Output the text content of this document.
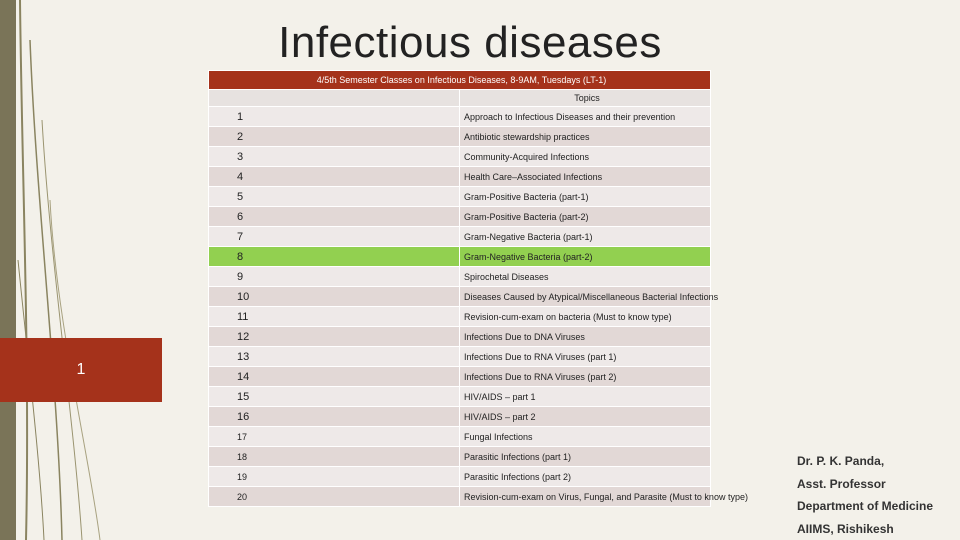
Infectious diseases
1
4/5th Semester Classes on Infectious Diseases, 8-9AM, Tuesdays (LT-1)	
	Topics
1	Approach to Infectious Diseases and their prevention
2	Antibiotic stewardship practices
3	Community-Acquired Infections
4	Health Care–Associated Infections
5	Gram-Positive Bacteria (part-1)
6	Gram-Positive Bacteria (part-2)
7	Gram-Negative Bacteria (part-1)
8	Gram-Negative Bacteria (part-2)
9	Spirochetal Diseases
10	Diseases Caused by Atypical/Miscellaneous Bacterial Infections
11	Revision-cum-exam on bacteria (Must to know type)
12	Infections Due to DNA Viruses
13	Infections Due to RNA Viruses (part 1)
14	Infections Due to RNA Viruses (part 2)
15	HIV/AIDS – part 1
16	HIV/AIDS – part 2
17	Fungal Infections
18	Parasitic Infections (part 1)
19	Parasitic Infections (part 2)
20	Revision-cum-exam on Virus, Fungal, and Parasite (Must to know type)
Dr. P. K. Panda,
Asst. Professor
Department of Medicine
AIIMS, Rishikesh
